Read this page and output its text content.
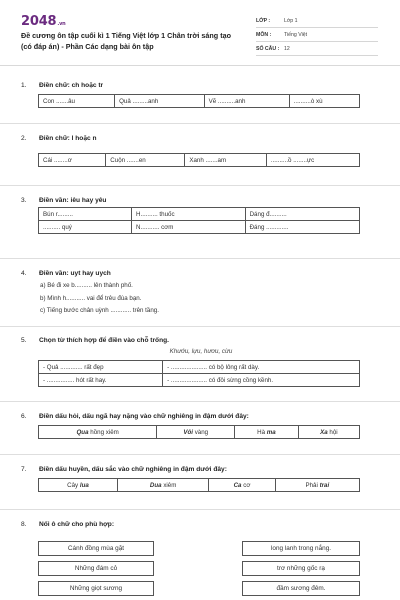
2048.vn
Đề cương ôn tập cuối kì 1 Tiếng Việt lớp 1 Chân trời sáng tạo (có đáp án) - Phần Các dạng bài ôn tập
LỚP :	Lớp 1
MÔN :	Tiếng Việt
SỐ CÂU : 12
1.	Điền chữ: ch hoặc tr
Con .......âu	Quả .........anh	Vẽ ..........anh	..........ò xù
2.	Điền chữ: l hoặc n
Cái ........ơ	Cuộn .......en	Xanh .......am	..........ồ ........ực
3.	Điền vần: iêu hay yêu
Bún r.........	H.......... thuốc	Dáng đ..........
.......... quý	N........... cơm	Đáng .............
4.	Điền vần: uyt hay uych
a) Bé đi xe b.......... lên thành phố.
b) Mình h........... vai để trêu đùa bạn.
c) Tiếng bước chân uỳnh ............ trên tầng.
5.	Chọn từ thích hợp để điền vào chỗ trống.
Khướu, lựu, hươu, cừu
- Quả ............. rất đẹp	- ..................... có bộ lông rất dày.
- ................ hót rất hay.	- ..................... có đôi sừng cồng kềnh.
6.	Điền dấu hỏi, dấu ngã hay nặng vào chữ nghiêng in đậm dưới đây:
Qua hồng xiêm	Vôi vàng	Hà ma	Xa hội
7.	Điền dấu huyền, dấu sắc vào chữ nghiêng in đậm dưới đây:
Cây lua	Dua xiêm	Ca cơ	Phải trai
8.	Nối ô chữ cho phù hợp:
Cánh đồng mùa gặt
Những đám cỏ
Những giọt sương
long lanh trong nắng.
trơ những gốc rạ
đầm sương đêm.
